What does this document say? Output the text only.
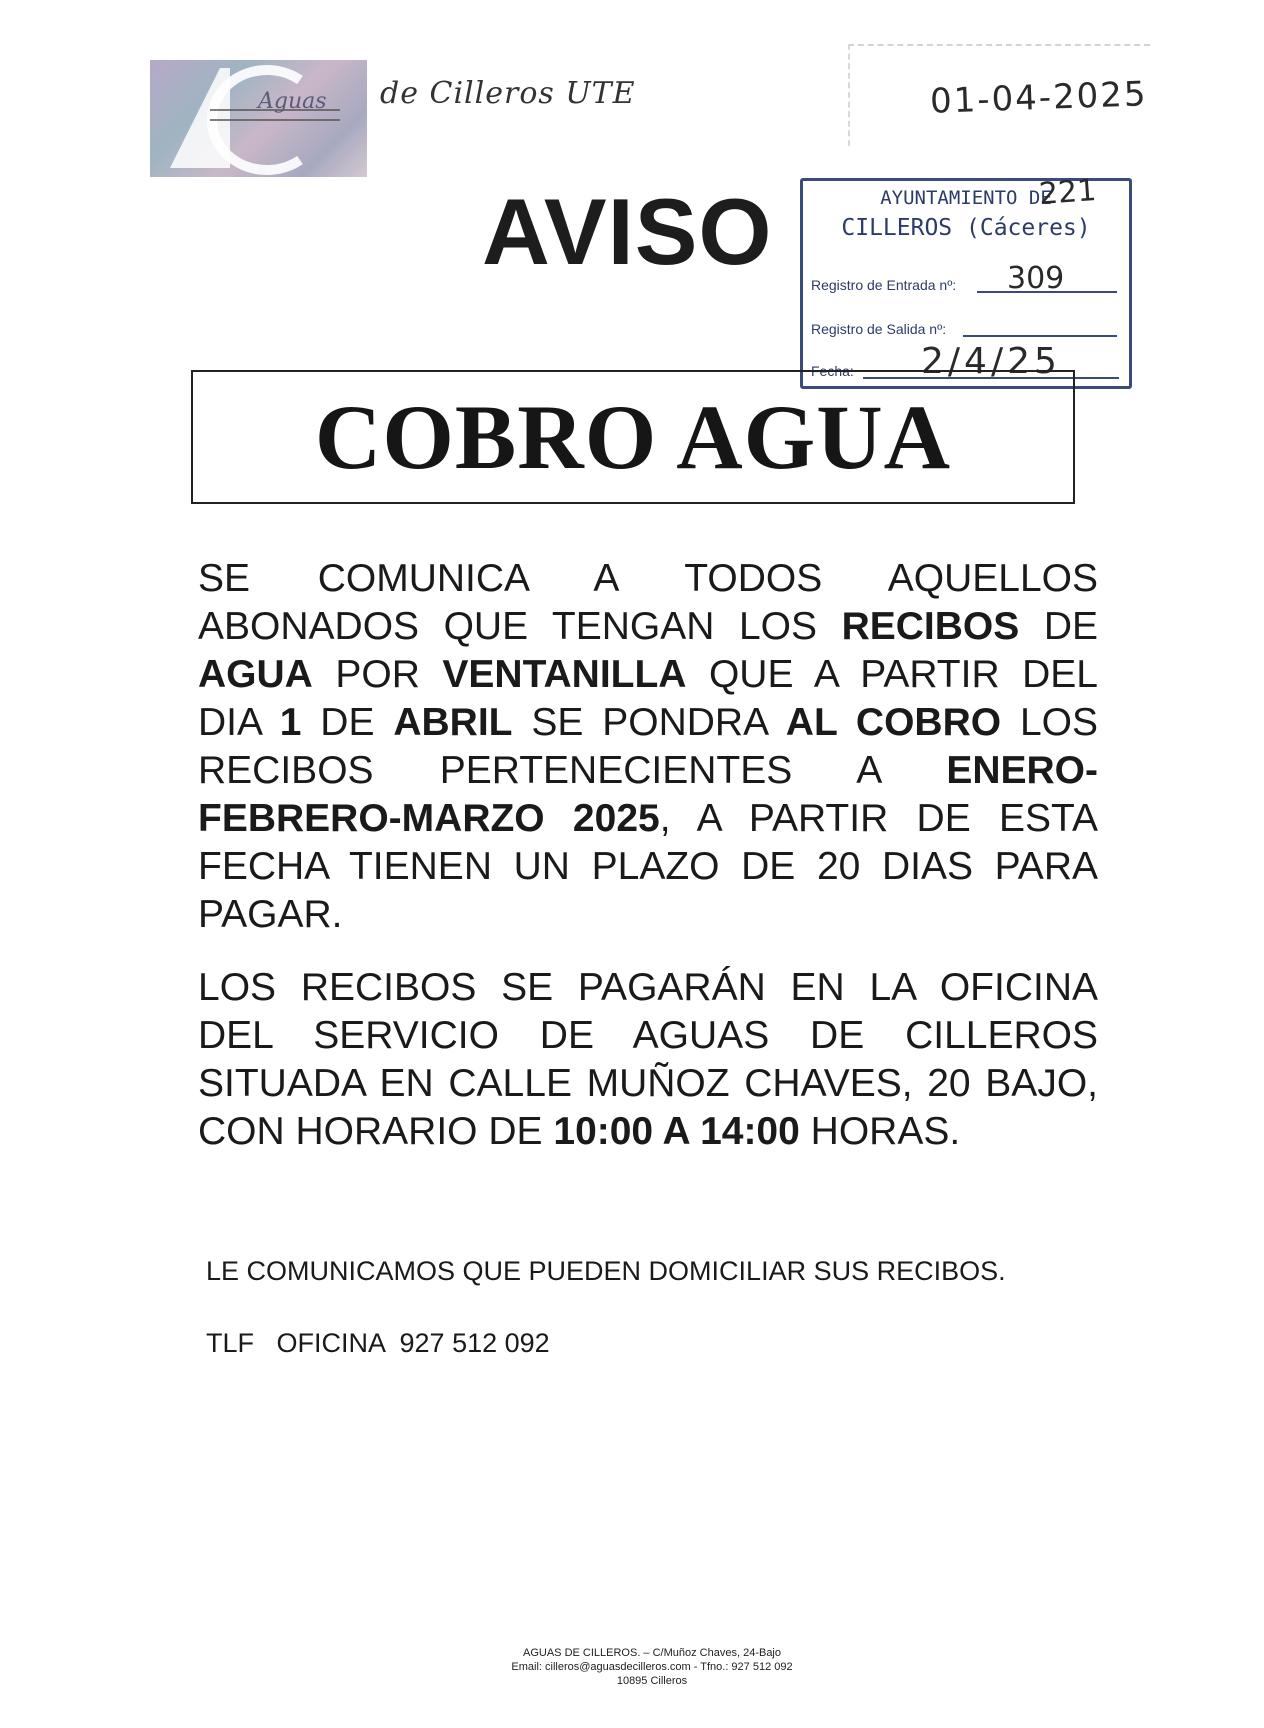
Aguas de Cilleros UTE	01-04-2025
AVISO	AYUNTAMIENTO DE
221
CILLEROS (Cáceres)
Registro de Entrada nº: 309
Registro de Salida nº:
Fecha: 2/4/25
COBRO AGUA
SE COMUNICA A TODOS AQUELLOS ABONADOS QUE TENGAN LOS RECIBOS DE AGUA POR VENTANILLA QUE A PARTIR DEL DIA 1 DE ABRIL SE PONDRA AL COBRO LOS RECIBOS PERTENECIENTES A ENERO-FEBRERO-MARZO 2025, A PARTIR DE ESTA FECHA TIENEN UN PLAZO DE 20 DIAS PARA PAGAR.
LOS RECIBOS SE PAGARÁN EN LA OFICINA DEL SERVICIO DE AGUAS DE CILLEROS SITUADA EN CALLE MUÑOZ CHAVES, 20 BAJO, CON HORARIO DE 10:00 A 14:00 HORAS.
LE COMUNICAMOS QUE PUEDEN DOMICILIAR SUS RECIBOS.
TLF   OFICINA  927 512 092
AGUAS DE CILLEROS. – C/Muñoz Chaves, 24-Bajo
Email: cilleros@aguasdecilleros.com - Tfno.: 927 512 092
10895 Cilleros
